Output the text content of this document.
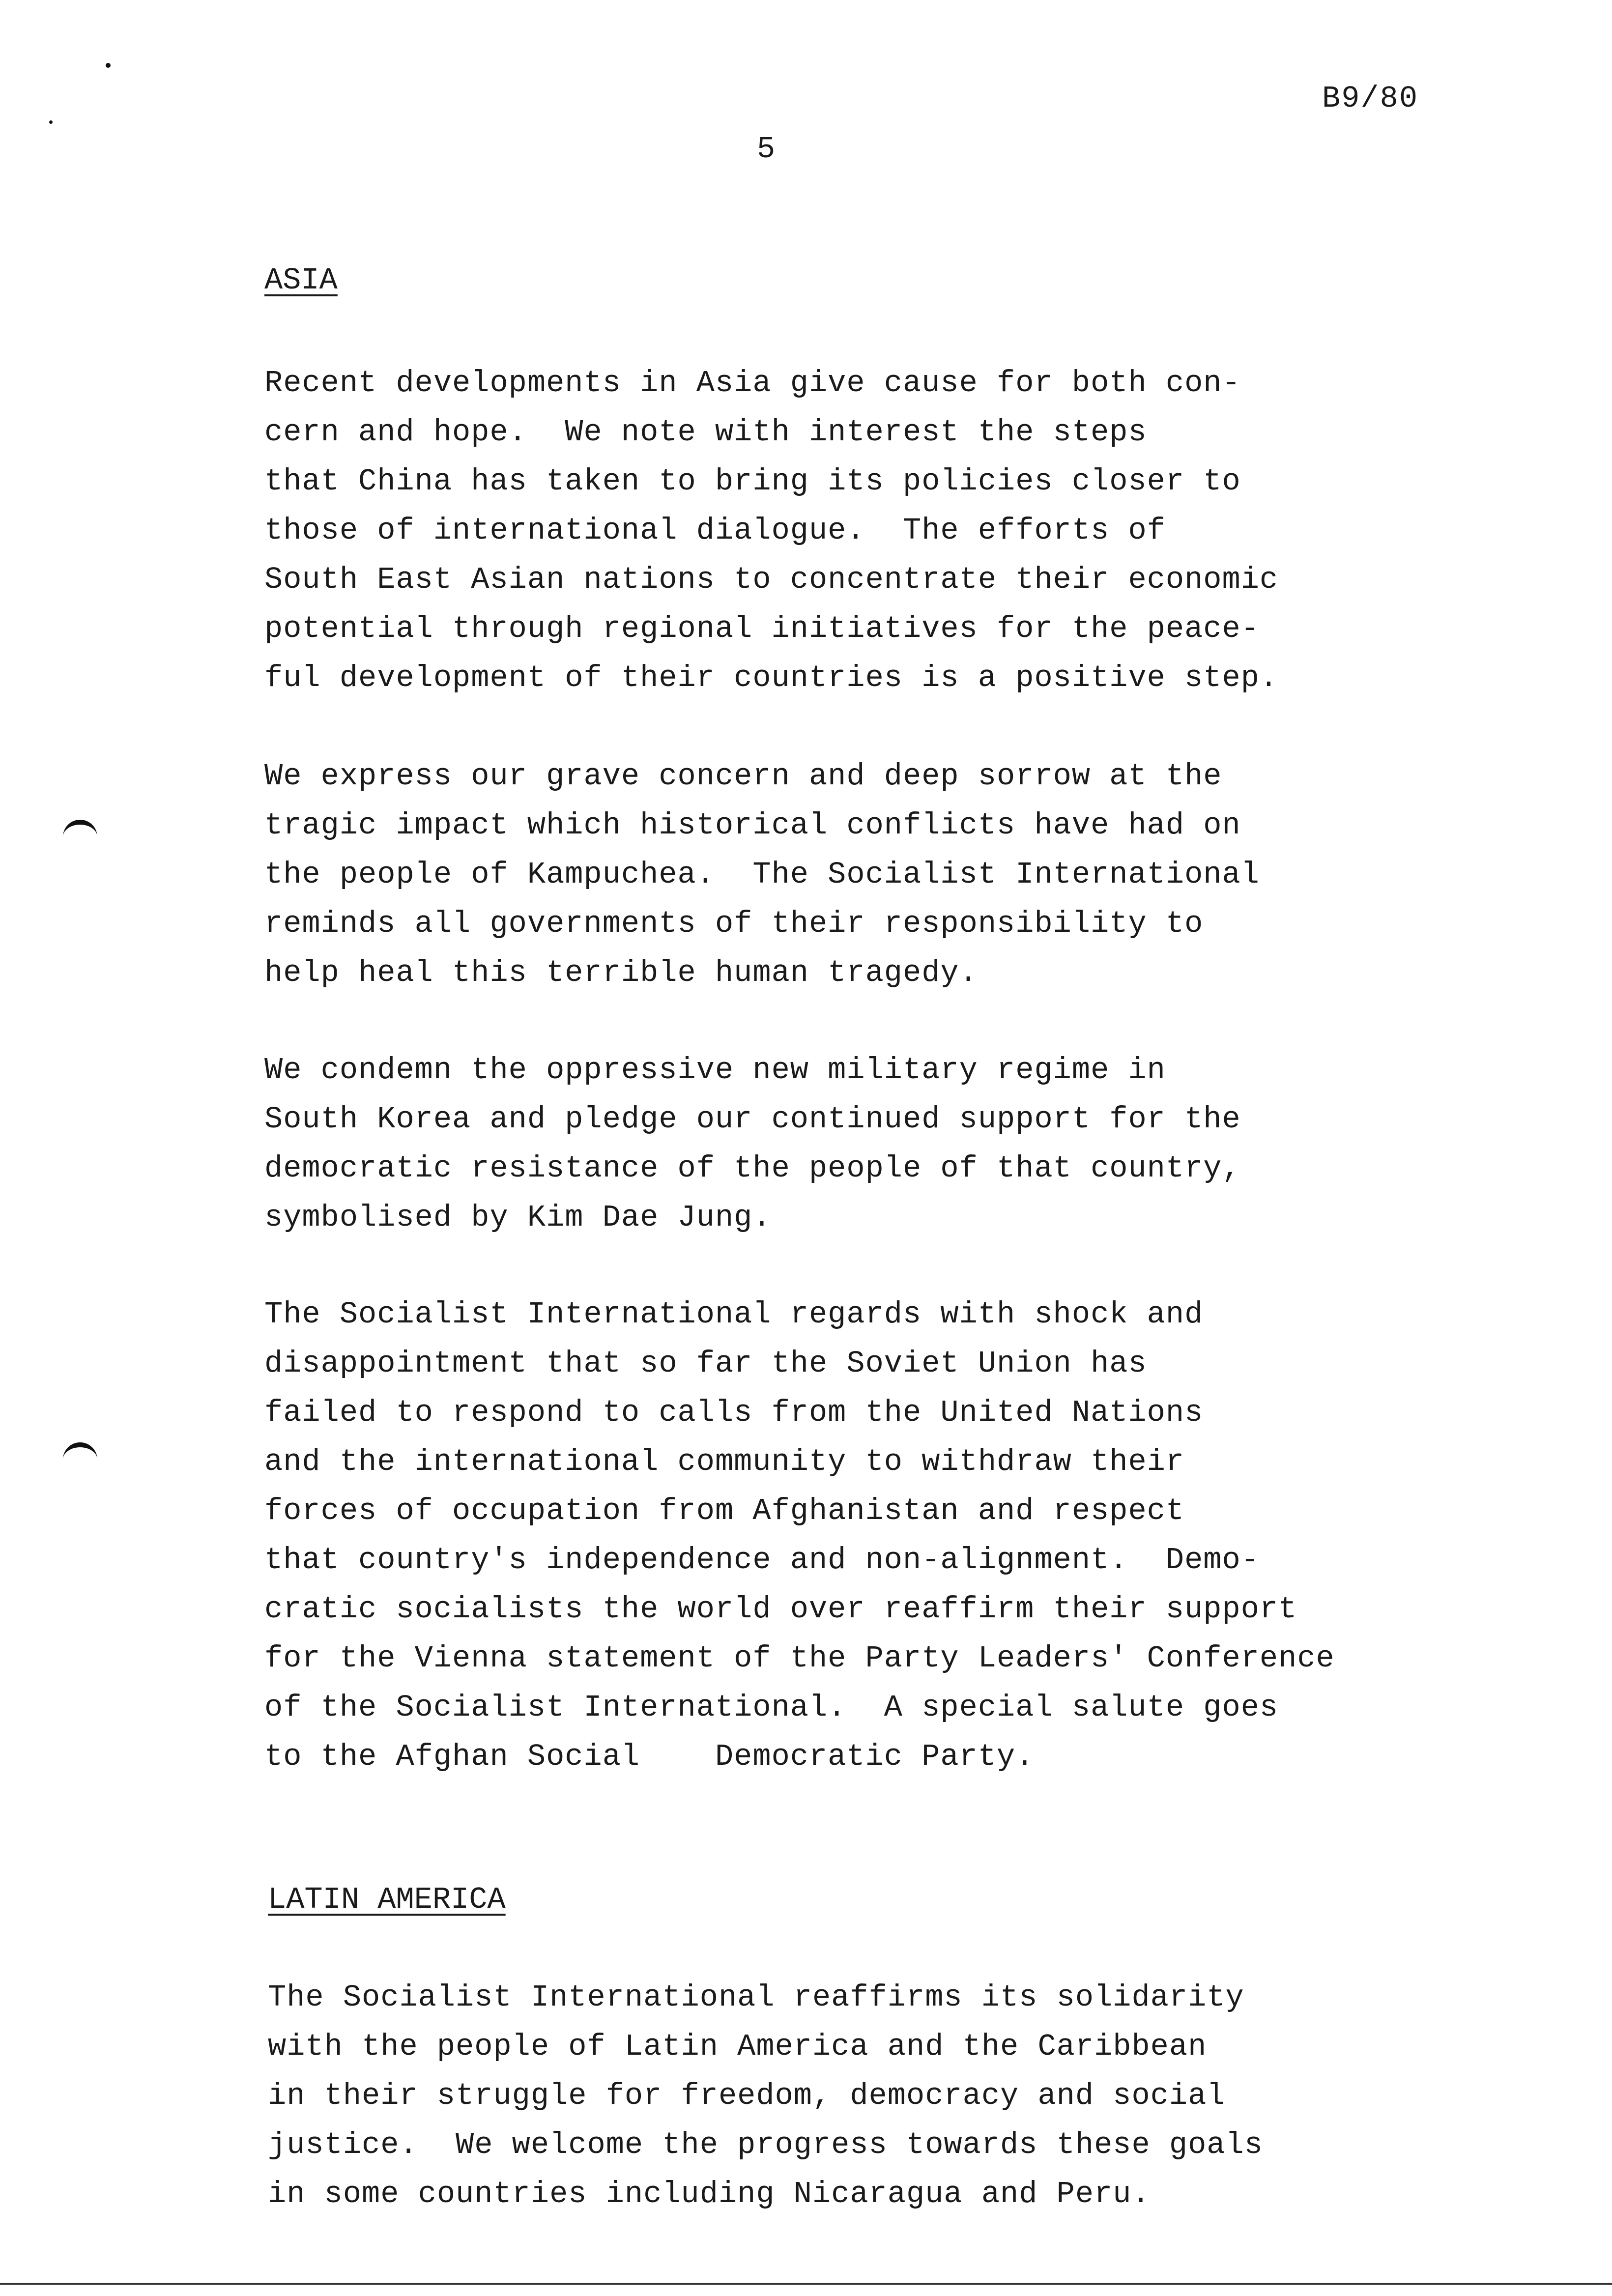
B9/80
5
ASIA
Recent developments in Asia give cause for both con-
cern and hope.  We note with interest the steps
that China has taken to bring its policies closer to
those of international dialogue.  The efforts of
South East Asian nations to concentrate their economic
potential through regional initiatives for the peace-
ful development of their countries is a positive step.
We express our grave concern and deep sorrow at the
tragic impact which historical conflicts have had on
the people of Kampuchea.  The Socialist International
reminds all governments of their responsibility to
help heal this terrible human tragedy.
We condemn the oppressive new military regime in
South Korea and pledge our continued support for the
democratic resistance of the people of that country,
symbolised by Kim Dae Jung.
The Socialist International regards with shock and
disappointment that so far the Soviet Union has
failed to respond to calls from the United Nations
and the international community to withdraw their
forces of occupation from Afghanistan and respect
that country's independence and non-alignment.  Demo-
cratic socialists the world over reaffirm their support
for the Vienna statement of the Party Leaders' Conference
of the Socialist International.  A special salute goes
to the Afghan Social    Democratic Party.
LATIN AMERICA
The Socialist International reaffirms its solidarity
with the people of Latin America and the Caribbean
in their struggle for freedom, democracy and social
justice.  We welcome the progress towards these goals
in some countries including Nicaragua and Peru.
